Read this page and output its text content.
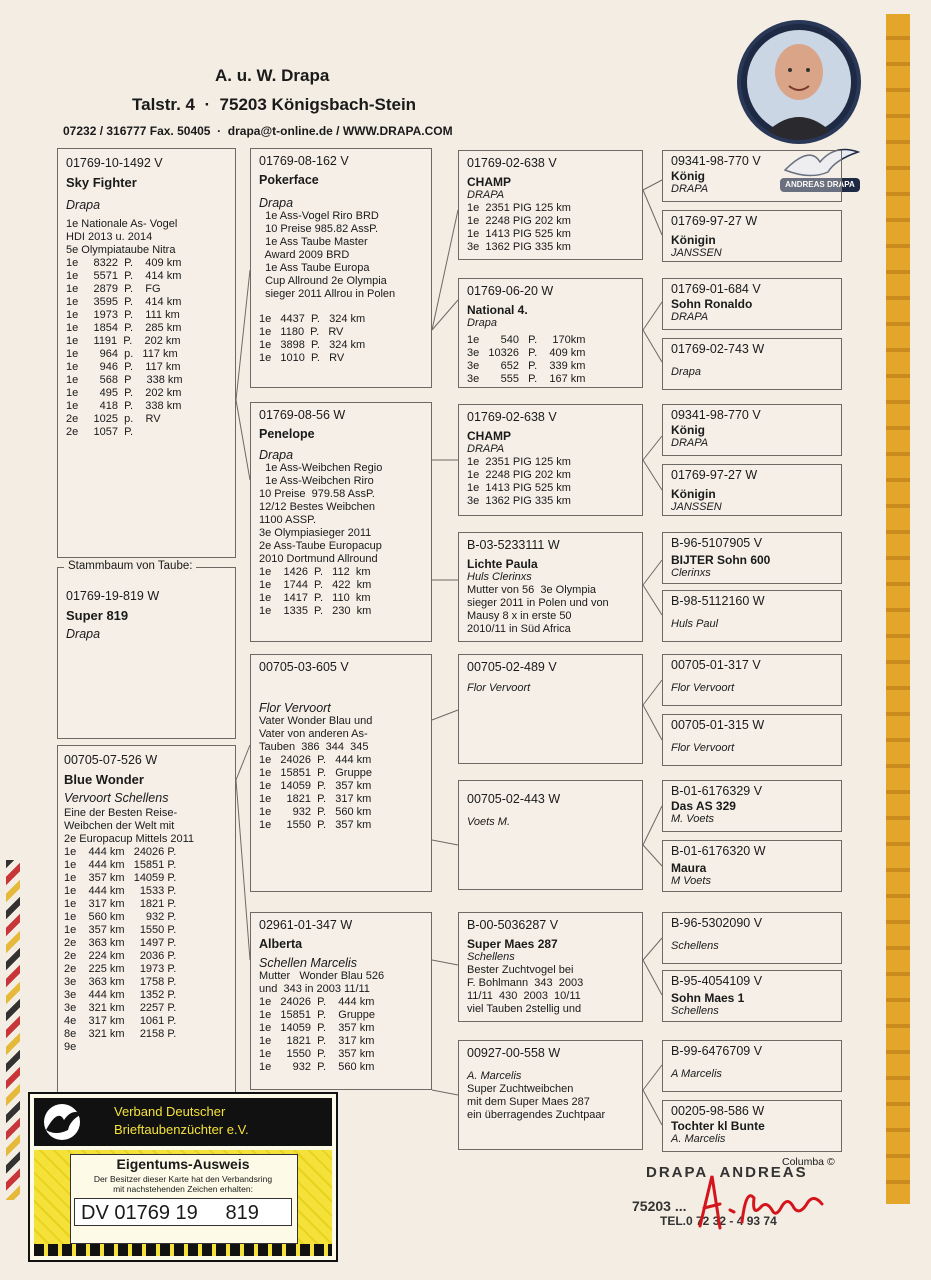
A. u. W. Drapa
Talstr. 4  ·  75203 Königsbach-Stein
07232 / 316777 Fax. 50405  ·  drapa@t-online.de / WWW.DRAPA.COM
ANDREAS DRAPA
01769-10-1492 V
Sky Fighter
Drapa
1e Nationale As- Vogel
HDI 2013 u. 2014
5e Olympiataube Nitra
1e     8322  P.    409 km
1e     5571  P.    414 km
1e     2879  P.    FG
1e     3595  P.    414 km
1e     1973  P.    111 km
1e     1854  P.    285 km
1e     1191  P.    202 km
1e       964  p.   117 km
1e       946  P.    117 km
1e       568  P     338 km
1e       495  P.    202 km
1e       418  P.    338 km
2e     1025  p.    RV
2e     1057  P.
01769-19-819 W
Super 819
Drapa
Stammbaum von Taube:
00705-07-526 W
Blue Wonder
Vervoort Schellens
Eine der Besten Reise-
Weibchen der Welt mit
2e Europacup Mittels 2011
1e    444 km   24026 P.
1e    444 km   15851 P.
1e    357 km   14059 P.
1e    444 km     1533 P.
1e    317 km     1821 P.
1e    560 km       932 P.
1e    357 km     1550 P.
2e    363 km     1497 P.
2e    224 km     2036 P.
2e    225 km     1973 P.
3e    363 km     1758 P.
3e    444 km     1352 P.
3e    321 km     2257 P.
4e    317 km     1061 P.
8e    321 km     2158 P.
9e
01769-08-162 V
Pokerface
Drapa
1e Ass-Vogel Riro BRD
10 Preise 985.82 AssP.
1e Ass Taube Master
Award 2009 BRD
1e Ass Taube Europa
Cup Allround 2e Olympia
sieger 2011 Allrou in Polen
1e   4437  P.   324 km
1e   1180  P.   RV
1e   3898  P.   324 km
1e   1010  P.   RV
01769-08-56 W
Penelope
Drapa
1e Ass-Weibchen Regio
1e Ass-Weibchen Riro
10 Preise  979.58 AssP.
12/12 Bestes Weibchen
1100 ASSP.
3e Olympiasieger 2011
2e Ass-Taube Europacup
2010 Dortmund Allround
1e    1426  P.   112  km
1e    1744  P.   422  km
1e    1417  P.   110  km
1e    1335  P.   230  km
00705-03-605 V
Flor Vervoort
Vater Wonder Blau und
Vater von anderen As-
Tauben  386  344  345
1e   24026  P.   444 km
1e   15851  P.   Gruppe
1e   14059  P.   357 km
1e     1821  P.   317 km
1e       932  P.   560 km
1e     1550  P.   357 km
02961-01-347 W
Alberta
Schellen Marcelis
Mutter   Wonder Blau 526
und  343 in 2003 11/11
1e   24026  P.    444 km
1e   15851  P.    Gruppe
1e   14059  P.    357 km
1e     1821  P.    317 km
1e     1550  P.    357 km
1e       932  P.    560 km
01769-02-638 V
CHAMP
DRAPA
1e  2351 PIG 125 km
1e  2248 PIG 202 km
1e  1413 PIG 525 km
3e  1362 PIG 335 km
01769-06-20 W
National 4.
Drapa
1e       540   P.     170km
3e   10326   P.    409 km
3e       652   P.    339 km
3e       555   P.    167 km
01769-02-638 V
CHAMP
DRAPA
1e  2351 PIG 125 km
1e  2248 PIG 202 km
1e  1413 PIG 525 km
3e  1362 PIG 335 km
B-03-5233111 W
Lichte Paula
Huls Clerinxs
Mutter von 56  3e Olympia
sieger 2011 in Polen und von
Mausy 8 x in erste 50
2010/11 in Süd Africa
00705-02-489 V
Flor Vervoort
00705-02-443 W
Voets M.
B-00-5036287 V
Super Maes 287
Schellens
Bester Zuchtvogel bei
F. Bohlmann  343  2003
11/11  430  2003  10/11
viel Tauben 2stellig und
00927-00-558 W
A. Marcelis
Super Zuchtweibchen
mit dem Super Maes 287
ein überragendes Zuchtpaar
09341-98-770 V
König
DRAPA
01769-97-27 W
Königin
JANSSEN
01769-01-684 V
Sohn Ronaldo
DRAPA
01769-02-743 W
Drapa
09341-98-770 V
König
DRAPA
01769-97-27 W
Königin
JANSSEN
B-96-5107905 V
BIJTER Sohn 600
Clerinxs
B-98-5112160 W
Huls Paul
00705-01-317 V
Flor Vervoort
00705-01-315 W
Flor Vervoort
B-01-6176329 V
Das AS 329
M. Voets
B-01-6176320 W
Maura
M Voets
B-96-5302090 V
Schellens
B-95-4054109 V
Sohn Maes 1
Schellens
B-99-6476709 V
A Marcelis
00205-98-586 W
Tochter kl Bunte
A. Marcelis
Verband Deutscher
Brieftaubenzüchter e.V.
Eigentums-Ausweis
Der Besitzer dieser Karte hat den Verbandsring
mit nachstehenden Zeichen erhalten:
DV 01769 19     819
Columba ©
DRAPA  ANDREAS
75203 ...
TEL.0 72 32 - 4 93 74
